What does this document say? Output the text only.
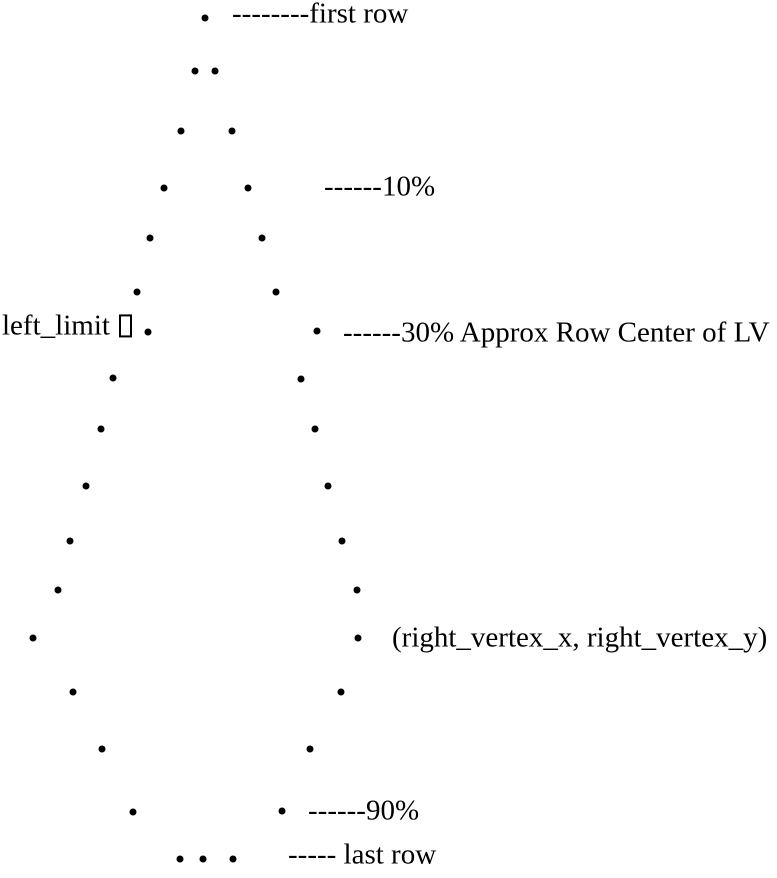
--------first row
------10%
left_limit	------30% Approx Row Center of LV
(right_vertex_x, right_vertex_y)
------90%
----- last row
